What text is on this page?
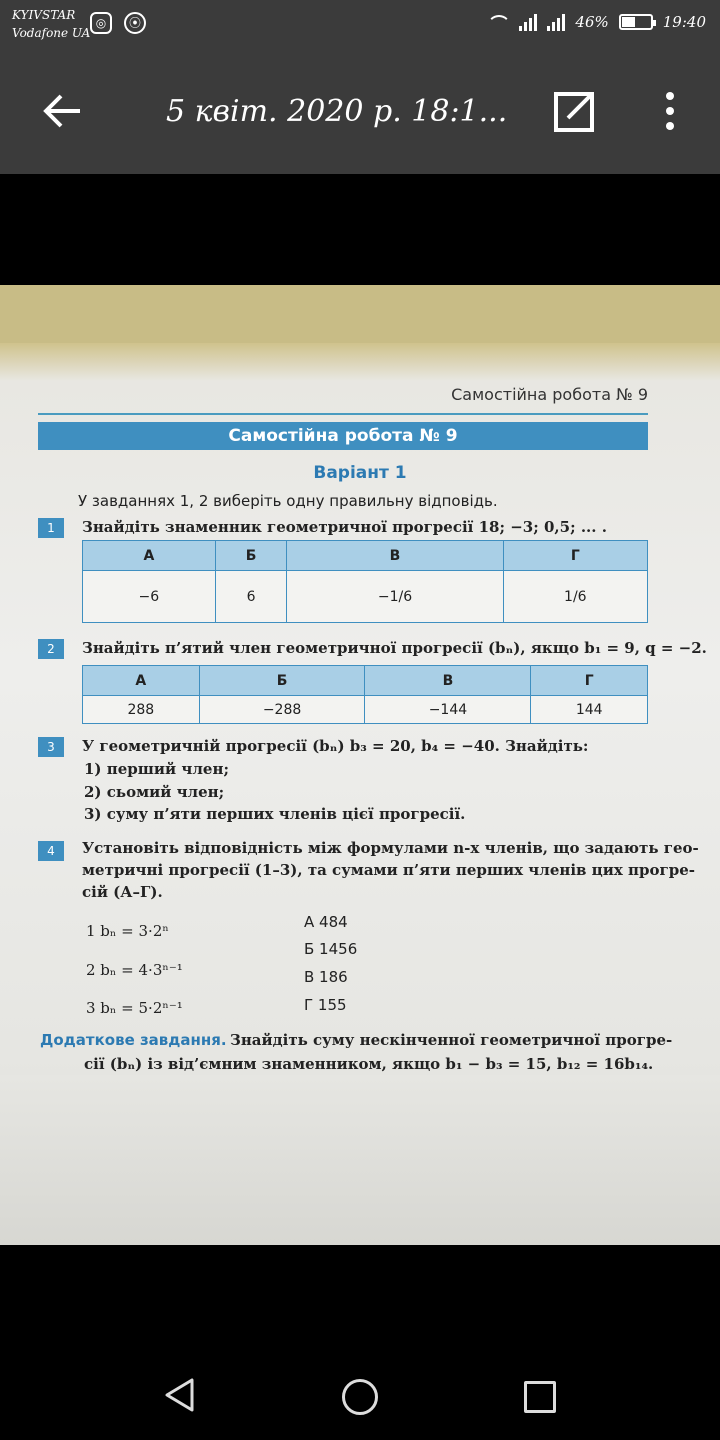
KYIVSTAR
Vodafone UA
◎	⦿	46%	19:40
5 квіт. 2020 р. 18:1...
Самостійна робота № 9
Самостійна робота № 9
Варіант 1
У завданнях 1, 2 виберіть одну правильну відповідь.
1	Знайдіть знаменник геометричної прогресії 18; −3; 0,5; ... .
А	Б	В	Г
−6	6	−1/6	1/6
2	Знайдіть п’ятий член геометричної прогресії (bₙ), якщо b₁ = 9, q = −2.
А	Б	В	Г
288	−288	−144	144
3	У геометричній прогресії (bₙ) b₃ = 20, b₄ = −40. Знайдіть:
1) перший член;
2) сьомий член;
3) суму п’яти перших членів цієї прогресії.
4	Установіть відповідність між формулами n-х членів, що задають гео-
метричні прогресії (1–3), та сумами п’яти перших членів цих прогре-
сій (А–Г).
1 bₙ = 3·2ⁿ
2 bₙ = 4·3ⁿ⁻¹
3 bₙ = 5·2ⁿ⁻¹
А 484
Б 1456
В 186
Г 155
Додаткове завдання. Знайдіть суму нескінченної геометричної прогре-
сії (bₙ) із від’ємним знаменником, якщо b₁ − b₃ = 15, b₁₂ = 16b₁₄.
